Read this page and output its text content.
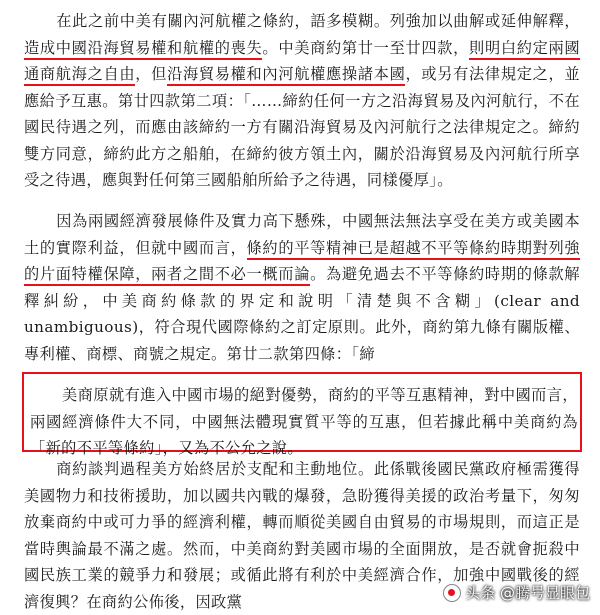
在此之前中美有關內河航權之條約，語多模糊。列強加以曲解或延伸解釋，造成中國沿海貿易權和航權的喪失。中美商約第廿一至廿四款，則明白約定兩國通商航海之自由，但沿海貿易權和內河航權應操諸本國，或另有法律規定之，並應給予互惠。第廿四款第二項：「……締約任何一方之沿海貿易及內河航行，不在國民待遇之列，而應由該締約一方有關沿海貿易及內河航行之法律規定之。締約雙方同意，締約此方之船舶，在締約彼方領土內，關於沿海貿易及內河航行所享受之待遇，應與對任何第三國船舶所給予之待遇，同樣優厚」。
因為兩國經濟發展條件及實力高下懸殊，中國無法無法享受在美方或美國本土的實際利益，但就中國而言，條約的平等精神已是超越不平等條約時期對列強的片面特權保障，兩者之間不必一概而論。為避免過去不平等條約時期的條款解釋糾紛，中美商約條款的界定和說明「清楚與不含糊」(clear and unambiguous)，符合現代國際條約之訂定原則。此外，商約第九條有關版權、專利權、商標、商號之規定。第廿二款第四條：「締
美商原就有進入中國市場的絕對優勢，商約的平等互惠精神，對中國而言，兩國經濟條件大不同，中國無法體現實質平等的互惠，但若據此稱中美商約為「新的不平等條約」，又為不公允之說。
商約談判過程美方始終居於支配和主動地位。此係戰後國民黨政府極需獲得美國物力和技術援助，加以國共內戰的爆發，急盼獲得美援的政治考量下，匆匆放棄商約中或可力爭的經濟利權，轉而順從美國自由貿易的市場規則，而這正是當時輿論最不滿之處。然而，中美商約對美國市場的全面開放，是否就會扼殺中國民族工業的競爭力和發展；或循此將有利於中美經濟合作，加強中國戰後的經濟復興？在商約公佈後，因政黨	头条 @腾号显眼包
